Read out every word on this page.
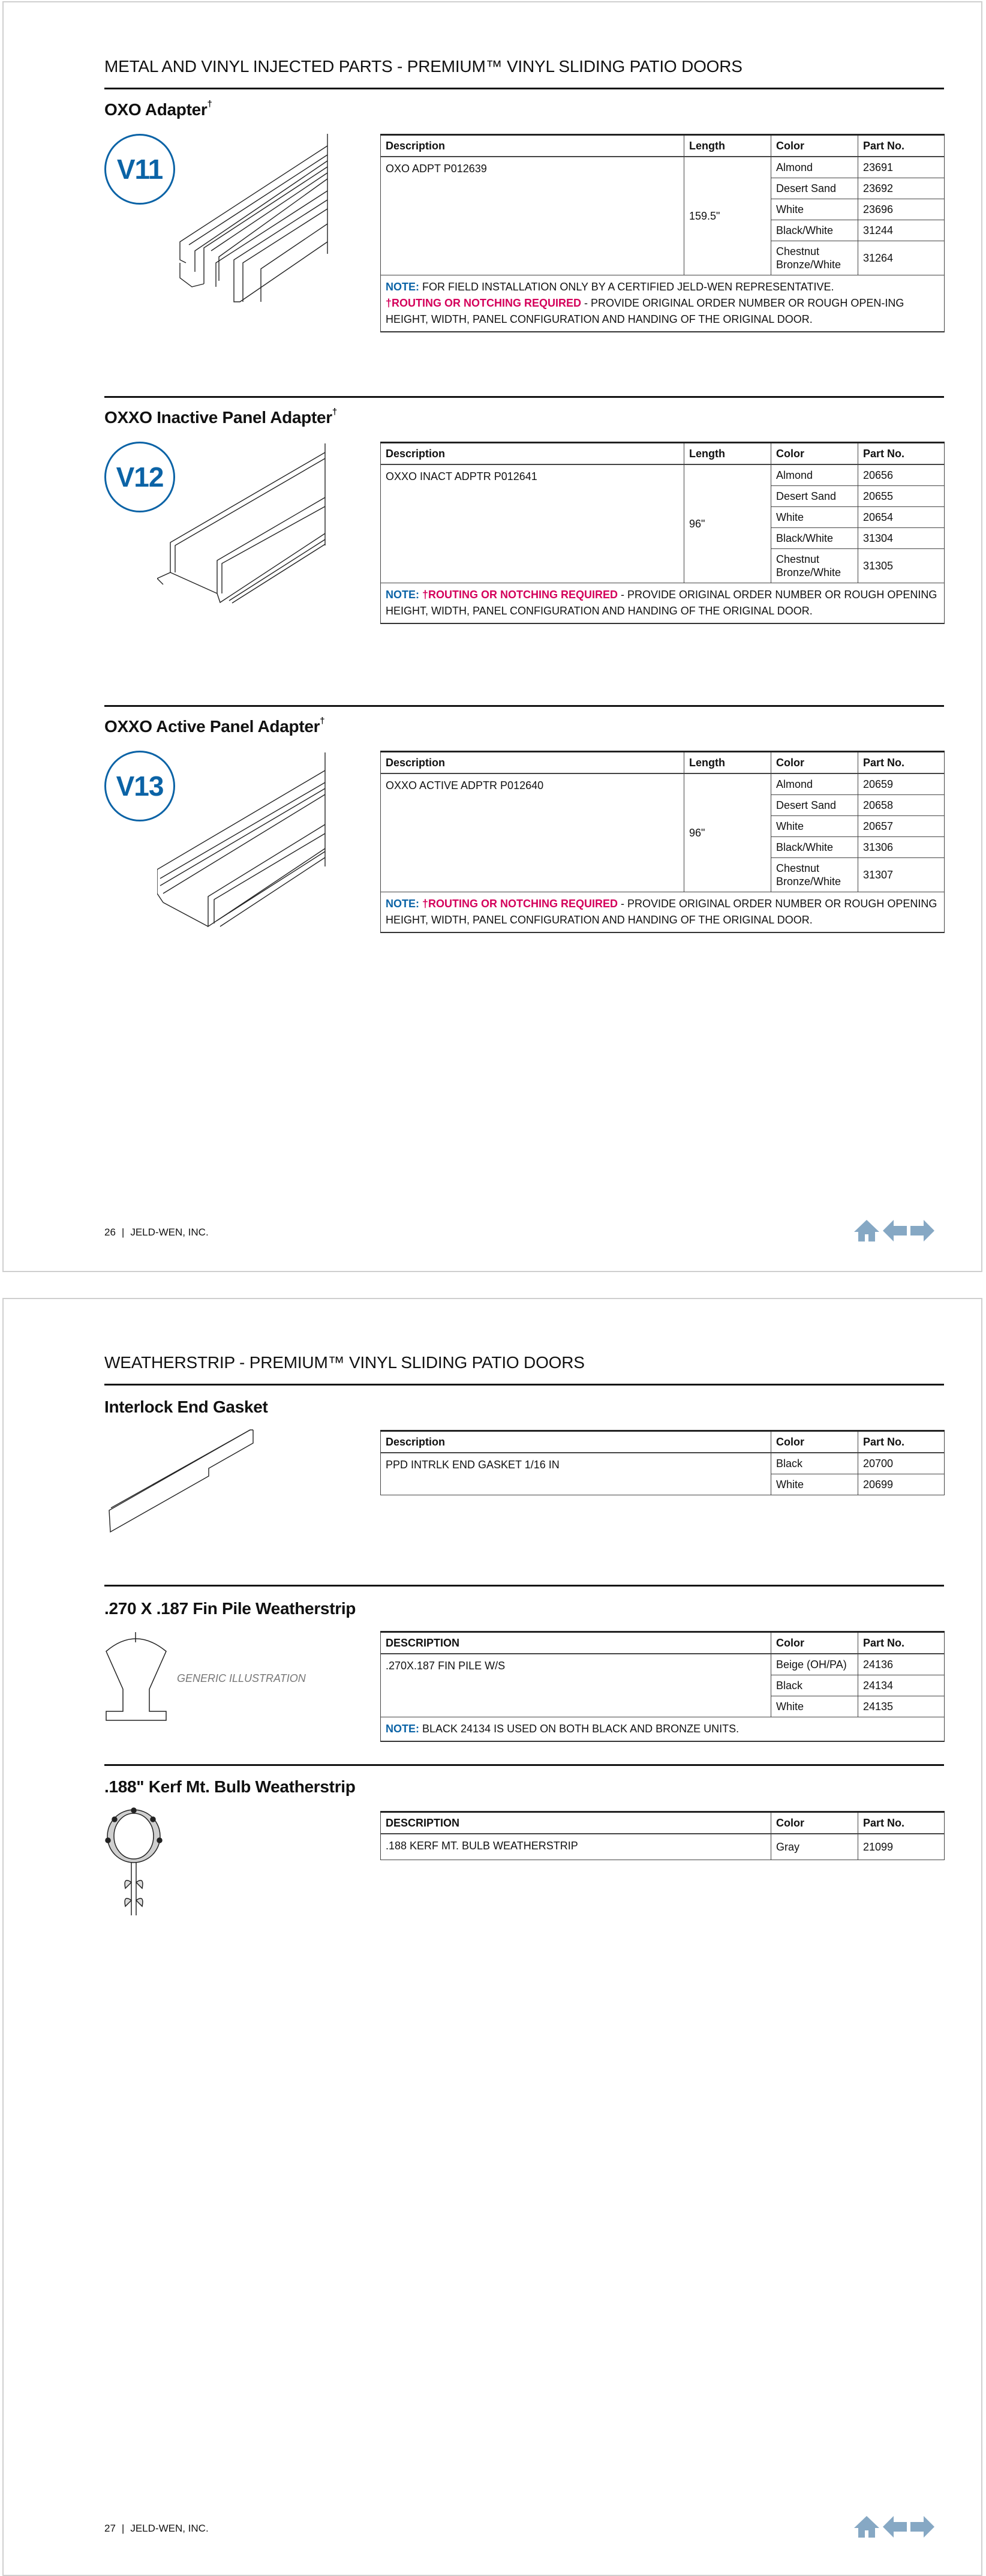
METAL AND VINYL INJECTED PARTS - PREMIUM™ VINYL SLIDING PATIO DOORS
OXO Adapter†
V11
Description	Length	Color	Part No.
OXO ADPT P012639	159.5"	Almond	23691
		Desert Sand	23692
		White	23696
		Black/White	31244
		Chestnut Bronze/White	31264
NOTE: FOR FIELD INSTALLATION ONLY BY A CERTIFIED JELD-WEN REPRESENTATIVE.
†ROUTING OR NOTCHING REQUIRED - PROVIDE ORIGINAL ORDER NUMBER OR ROUGH OPEN-ING HEIGHT, WIDTH, PANEL CONFIGURATION AND HANDING OF THE ORIGINAL DOOR.			
OXXO Inactive Panel Adapter†
V12
Description	Length	Color	Part No.
OXXO INACT ADPTR P012641	96"	Almond	20656
		Desert Sand	20655
		White	20654
		Black/White	31304
		Chestnut Bronze/White	31305
NOTE: †ROUTING OR NOTCHING REQUIRED - PROVIDE ORIGINAL ORDER NUMBER OR ROUGH OPENING HEIGHT, WIDTH, PANEL CONFIGURATION AND HANDING OF THE ORIGINAL DOOR.			
OXXO Active Panel Adapter†
V13
Description	Length	Color	Part No.
OXXO ACTIVE ADPTR P012640	96"	Almond	20659
		Desert Sand	20658
		White	20657
		Black/White	31306
		Chestnut Bronze/White	31307
NOTE: †ROUTING OR NOTCHING REQUIRED - PROVIDE ORIGINAL ORDER NUMBER OR ROUGH OPENING HEIGHT, WIDTH, PANEL CONFIGURATION AND HANDING OF THE ORIGINAL DOOR.			
26 | JELD-WEN, INC.
WEATHERSTRIP - PREMIUM™ VINYL SLIDING PATIO DOORS
Interlock End Gasket
Description	Color	Part No.
PPD INTRLK END GASKET 1/16 IN	Black	20700
	White	20699
.270 X .187 Fin Pile Weatherstrip
GENERIC ILLUSTRATION
DESCRIPTION	Color	Part No.
.270X.187 FIN PILE W/S	Beige (OH/PA)	24136
	Black	24134
	White	24135
NOTE: BLACK 24134 IS USED ON BOTH BLACK AND BRONZE UNITS.		
.188" Kerf Mt. Bulb Weatherstrip
DESCRIPTION	Color	Part No.
.188 KERF MT. BULB WEATHERSTRIP	Gray	21099
27 | JELD-WEN, INC.
